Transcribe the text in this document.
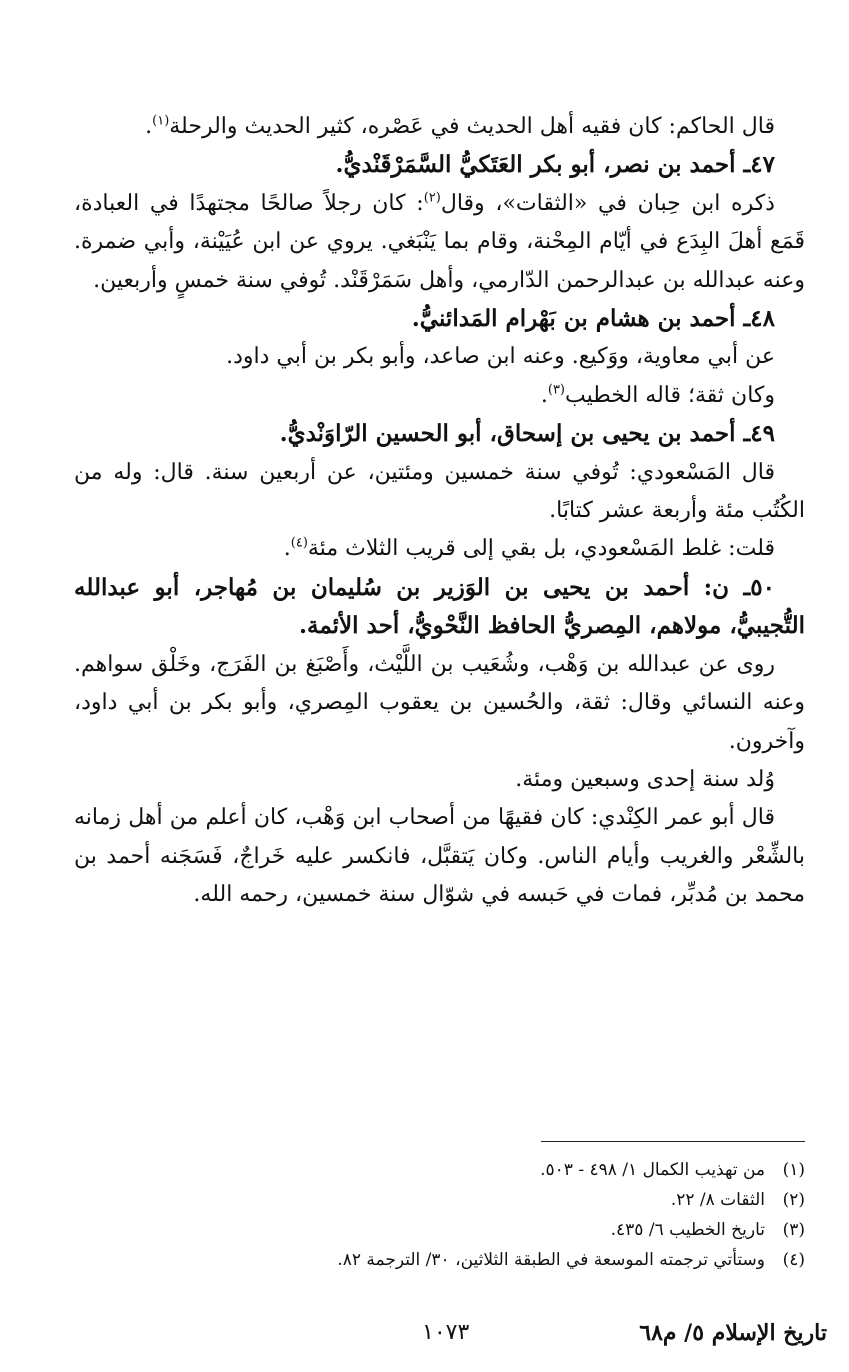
قال الحاكم: كان فقيه أهل الحديث في عَصْره، كثير الحديث والرحلة$^{(١)}$.

٤٧ـ أحمد بن نصر، أبو بكر العَتَكيُّ السَّمَرْقَنْديُّ.

ذكره ابن حِبان في «الثقات»، وقال$^{(٢)}$: كان رجلاً صالحًا مجتهدًا في العبادة، قَمَع أهلَ البِدَع في أيّام المِحْنة، وقام بما يَنْبَغي. يروي عن ابن عُيَيْنة، وأبي ضمرة. وعنه عبدالله بن عبدالرحمن الدّارمي، وأهل سَمَرْقَنْد. تُوفي سنة خمسٍ وأربعين.

٤٨ـ أحمد بن هشام بن بَهْرام المَدائنيُّ.

عن أبي معاوية، ووَكيع. وعنه ابن صاعد، وأبو بكر بن أبي داود.

وكان ثقة؛ قاله الخطيب$^{(٣)}$.

٤٩ـ أحمد بن يحيى بن إسحاق، أبو الحسين الرّاوَنْديُّ.

قال المَسْعودي: تُوفي سنة خمسين ومئتين، عن أربعين سنة. قال: وله من الكُتُب مئة وأربعة عشر كتابًا.

قلت: غلط المَسْعودي، بل بقي إلى قريب الثلاث مئة$^{(٤)}$.

٥٠ـ ن: أحمد بن يحيى بن الوَزير بن سُليمان بن مُهاجر، أبو عبدالله التُّجيبيُّ، مولاهم، المِصريُّ الحافظ النَّحْويُّ، أحد الأئمة.

روى عن عبدالله بن وَهْب، وشُعَيب بن اللَّيْث، وأَصْبَغ بن الفَرَج، وخَلْق سواهم. وعنه النسائي وقال: ثقة، والحُسين بن يعقوب المِصري، وأبو بكر بن أبي داود، وآخرون.

وُلد سنة إحدى وسبعين ومئة.

قال أبو عمر الكِنْدي: كان فقيهًا من أصحاب ابن وَهْب، كان أعلم من أهل زمانه بالشِّعْر والغريب وأيام الناس. وكان يَتقبَّل، فانكسر عليه خَراجٌ، فَسَجَنه أحمد بن محمد بن مُدبِّر، فمات في حَبسه في شوّال سنة خمسين، رحمه الله.

(١)
من تهذيب الكمال ١/ ٤٩٨ - ٥٠٣.
(٢)
الثقات ٨/ ٢٢.
(٣)
تاريخ الخطيب ٦/ ٤٣٥.
(٤)
وستأتي ترجمته الموسعة في الطبقة الثلاثين، ٣٠/ الترجمة ٨٢.
تاريخ الإسلام ٥/ م٦٨
١٠٧٣
